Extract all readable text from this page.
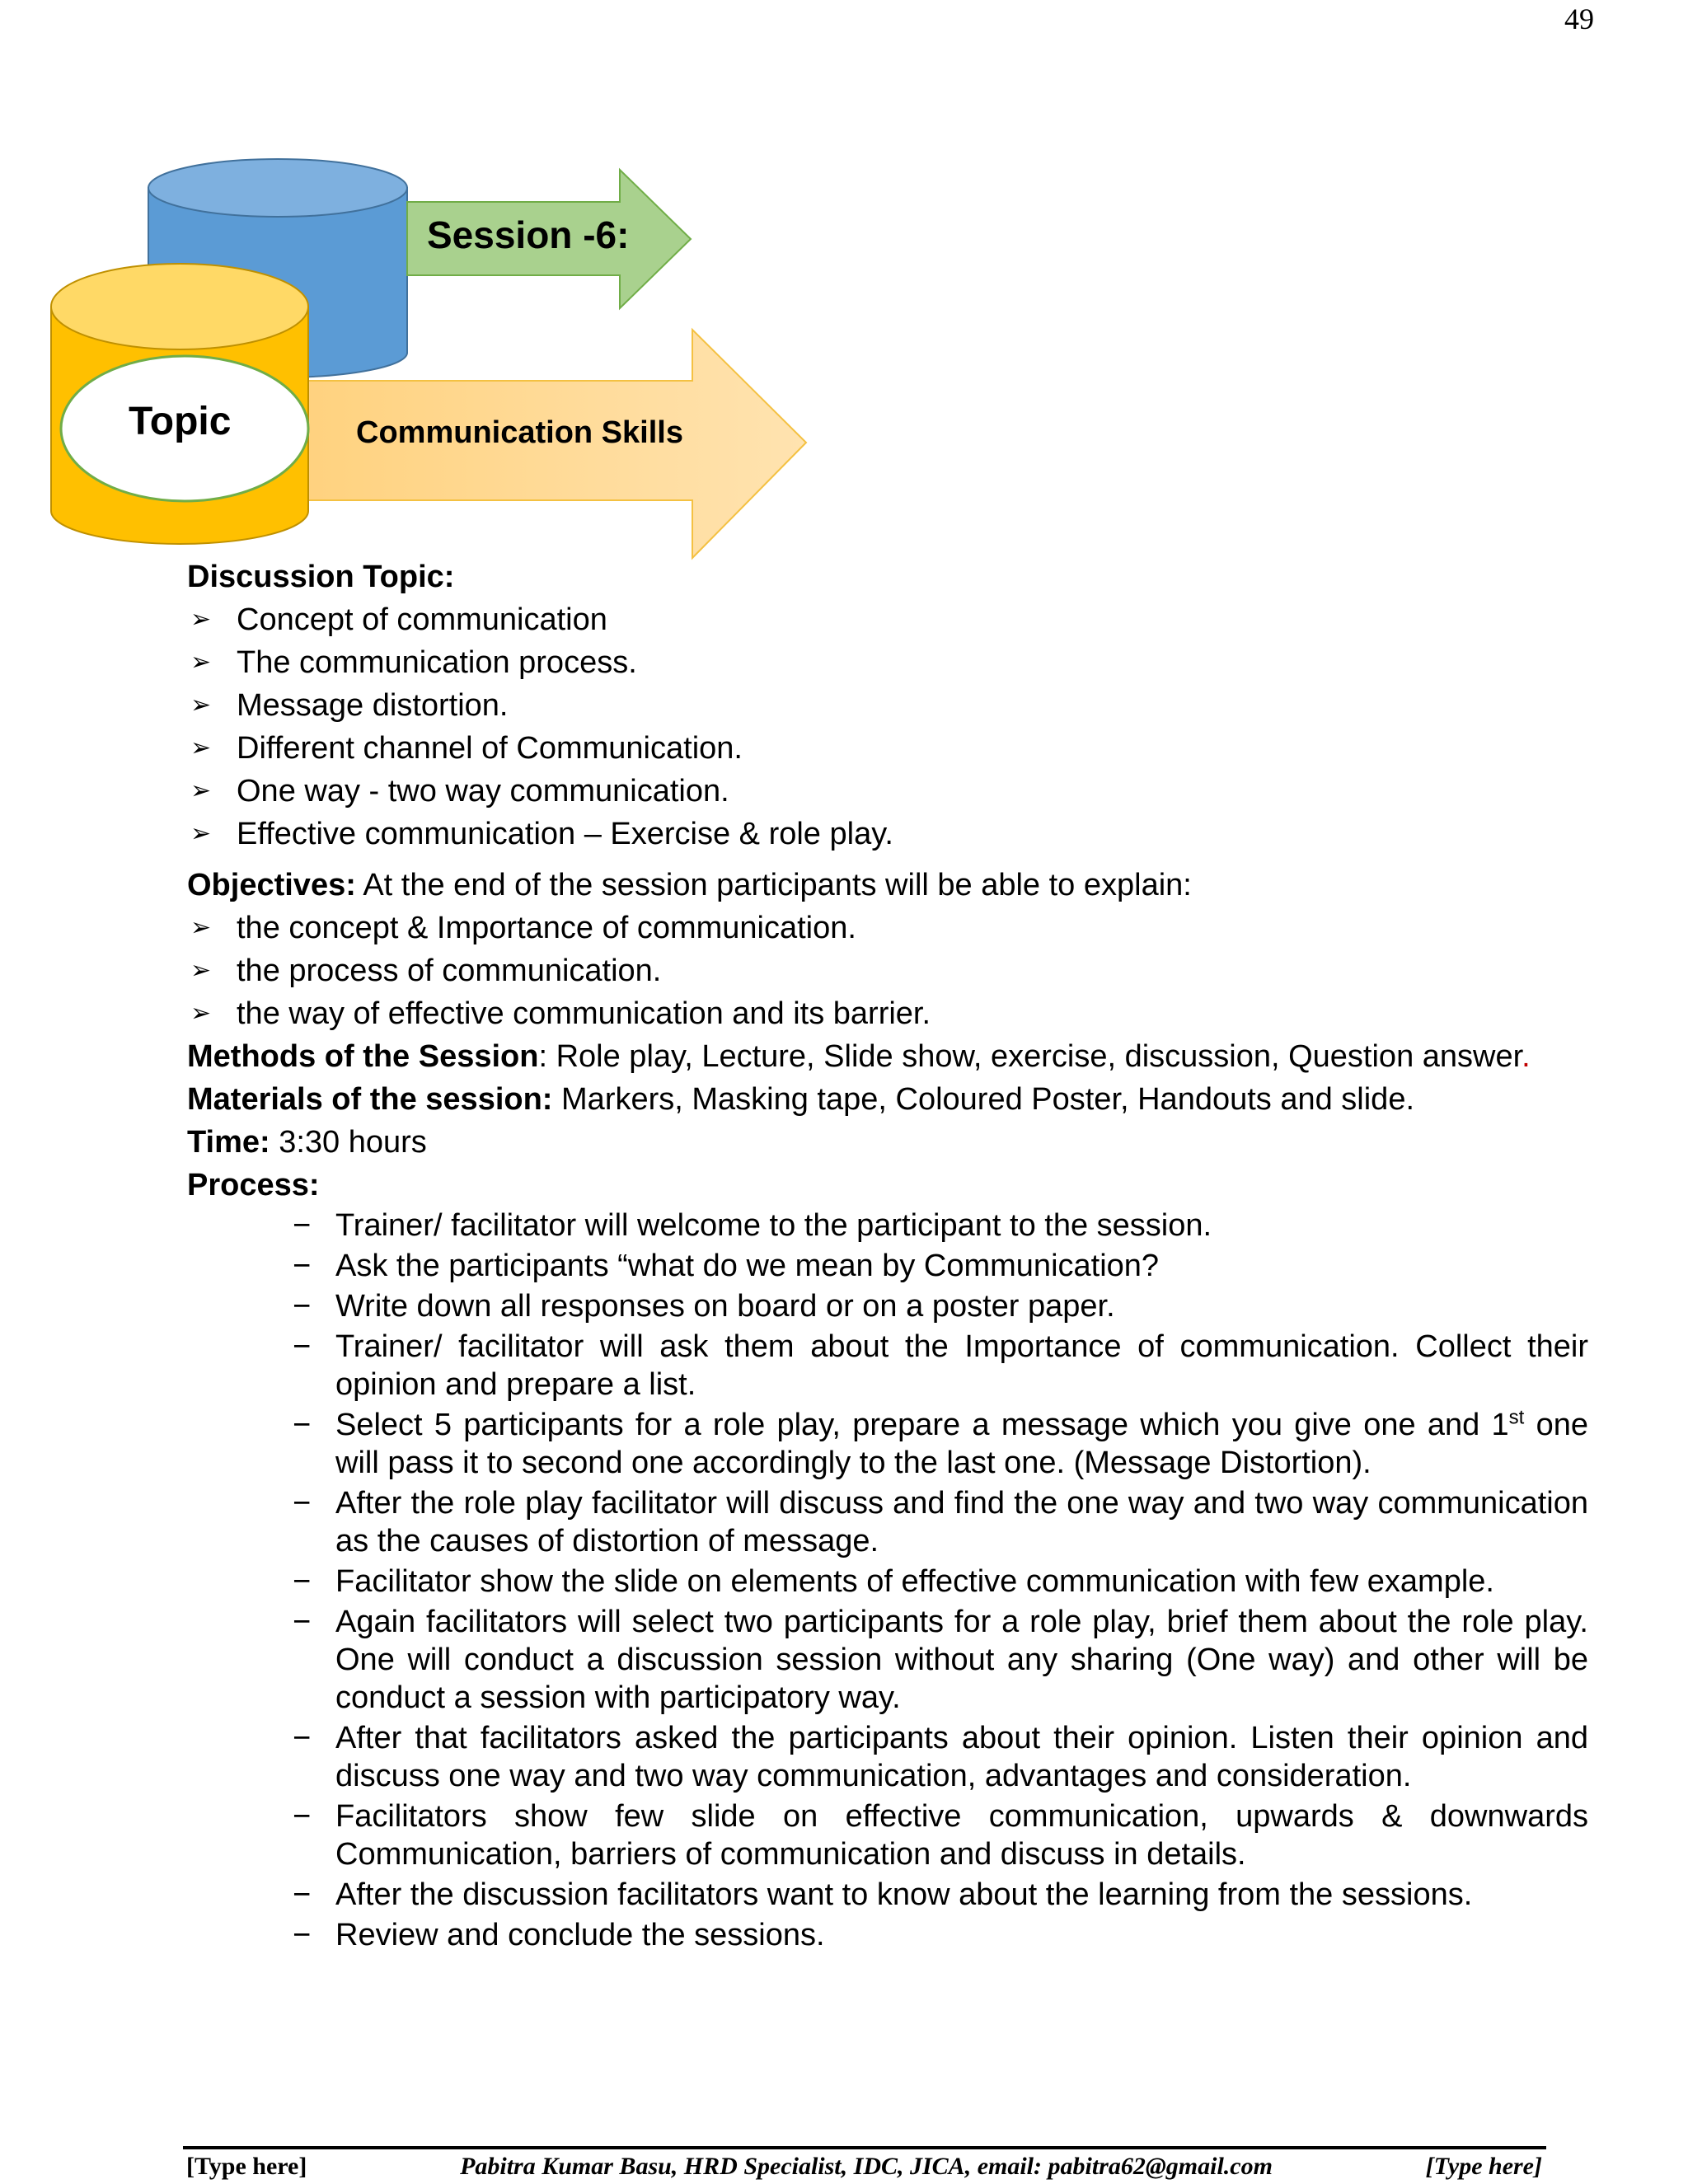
49
Session -6:
Topic	Communication Skills

Discussion Topic:

➢ Concept of communication
➢ The communication process.
➢ Message distortion.
➢ Different channel of Communication.
➢ One way - two way communication.
➢ Effective communication – Exercise & role play.

Objectives: At the end of the session participants will be able to explain:

➢ the concept & Importance of communication.
➢ the process of communication.
➢ the way of effective communication and its barrier.

Methods of the Session: Role play, Lecture, Slide show, exercise, discussion, Question answer.

Materials of the session: Markers, Masking tape, Coloured Poster, Handouts and slide.

Time: 3:30 hours

Process:

− Trainer/ facilitator will welcome to the participant to the session.
− Ask the participants “what do we mean by Communication?
− Write down all responses on board or on a poster paper.
− Trainer/ facilitator will ask them about the Importance of communication. Collect their opinion and prepare a list.
− Select 5 participants for a role play, prepare a message which you give one and 1st one will pass it to second one accordingly to the last one. (Message Distortion).
− After the role play facilitator will discuss and find the one way and two way communication as the causes of distortion of message.
− Facilitator show the slide on elements of effective communication with few example.
− Again facilitators will select two participants for a role play, brief them about the role play. One will conduct a discussion session without any sharing (One way) and other will be conduct a session with participatory way.
− After that facilitators asked the participants about their opinion. Listen their opinion and discuss one way and two way communication, advantages and consideration.
− Facilitators show few slide on effective communication, upwards & downwards Communication, barriers of communication and discuss in details.
− After the discussion facilitators want to know about the learning from the sessions.
− Review and conclude the sessions.
[Type here]	Pabitra Kumar Basu, HRD Specialist, IDC, JICA, email: pabitra62@gmail.com	[Type here]
